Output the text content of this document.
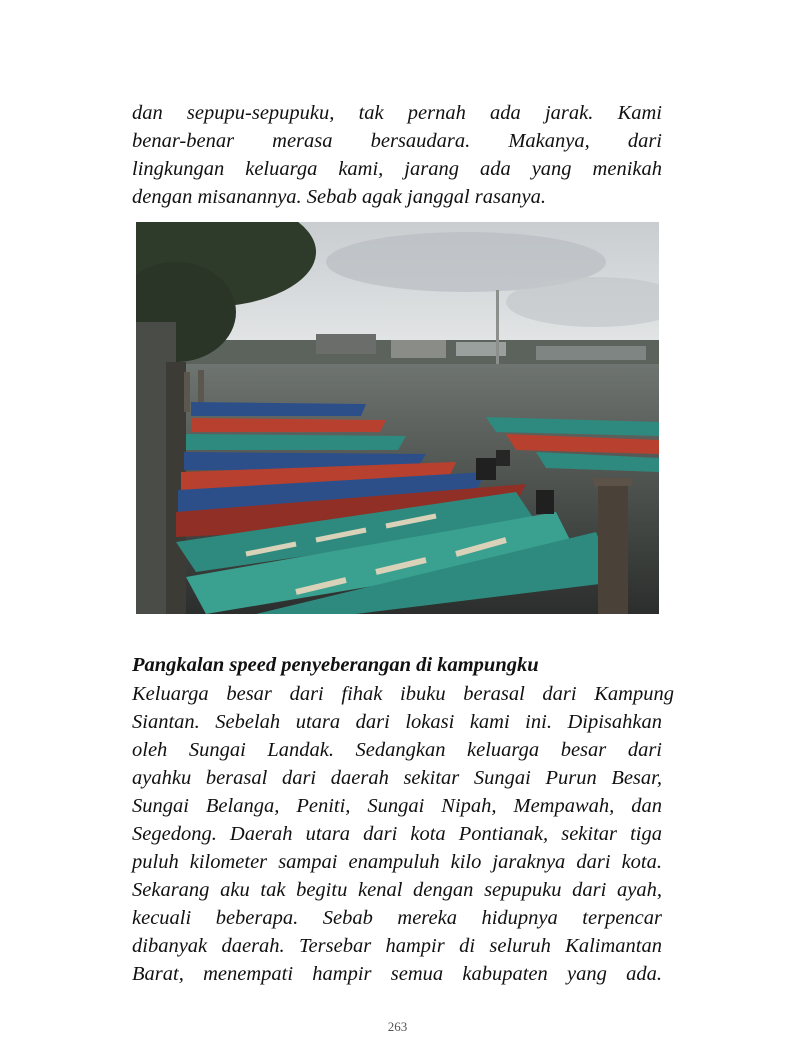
dan sepupu-sepupuku, tak pernah ada jarak. Kami
benar-benar merasa bersaudara. Makanya, dari
lingkungan keluarga kami, jarang ada yang menikah
dengan misanannya. Sebab agak janggal rasanya.
Pangkalan speed penyeberangan di kampungku
Keluarga besar dari fihak ibuku berasal dari Kampung
Siantan. Sebelah utara dari lokasi kami ini. Dipisahkan
oleh Sungai Landak. Sedangkan keluarga besar dari
ayahku berasal dari daerah sekitar Sungai Purun Besar,
Sungai Belanga, Peniti, Sungai Nipah, Mempawah, dan
Segedong. Daerah utara dari kota Pontianak, sekitar tiga
puluh kilometer sampai enampuluh kilo jaraknya dari kota.
Sekarang aku tak begitu kenal dengan sepupuku dari ayah,
kecuali beberapa. Sebab mereka hidupnya terpencar
dibanyak daerah. Tersebar hampir di seluruh Kalimantan
Barat, menempati hampir semua kabupaten yang ada.
263
